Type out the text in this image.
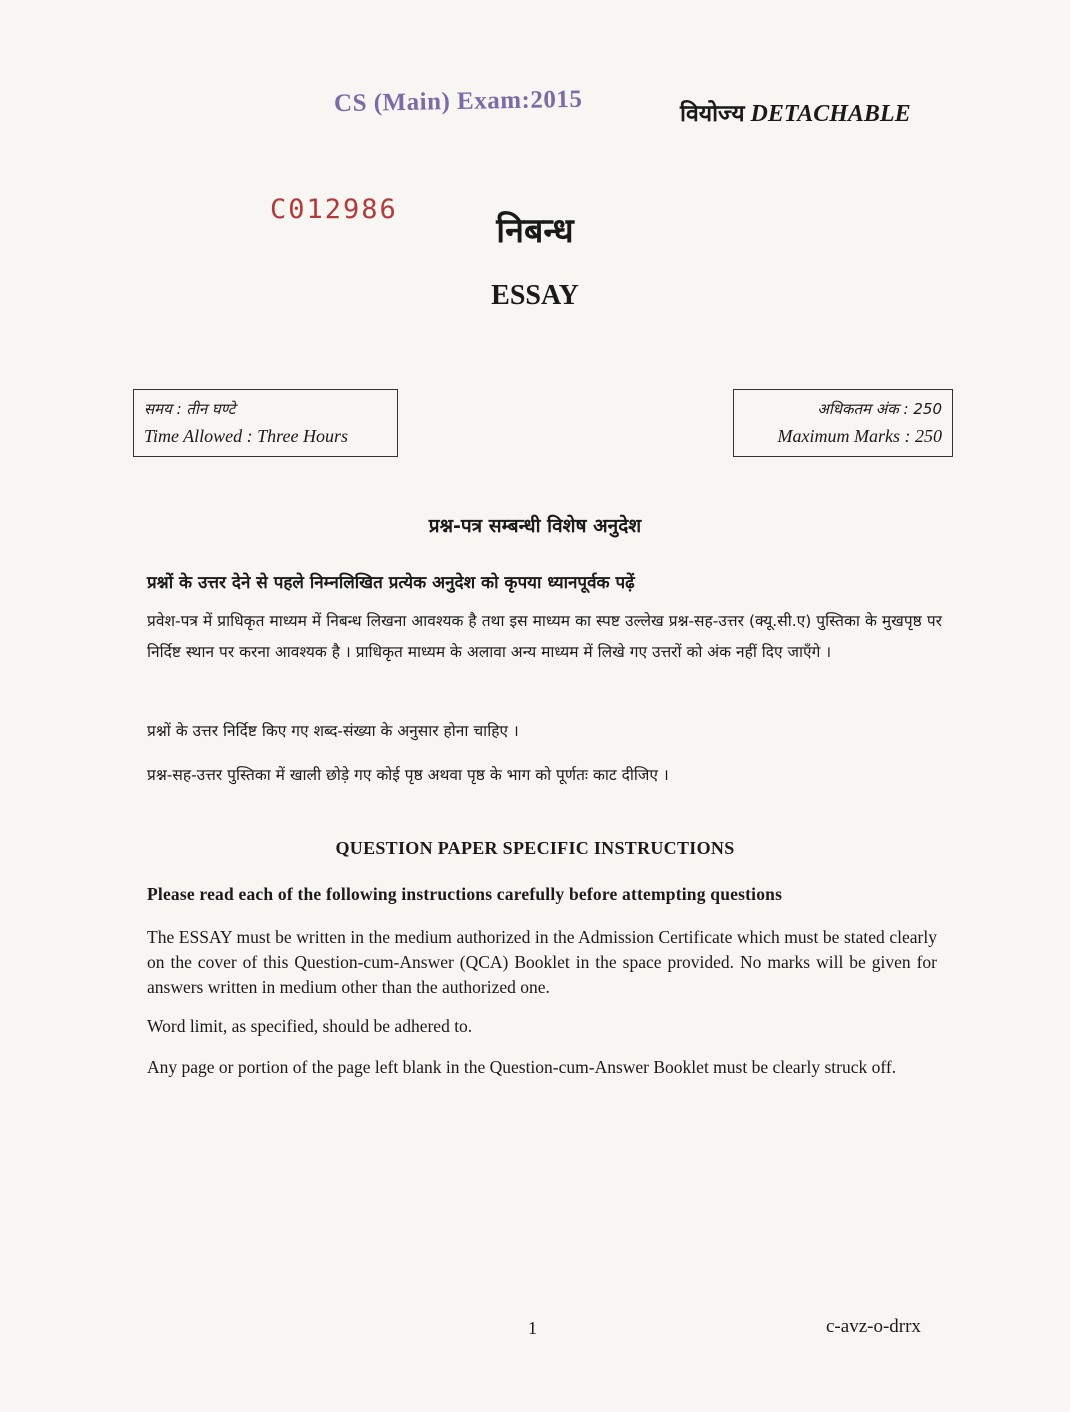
CS (Main) Exam:2015	वियोज्य DETACHABLE
C012986
निबन्ध
ESSAY
समय : तीन घण्टे
Time Allowed : Three Hours
अधिकतम अंक : 250
Maximum Marks : 250
प्रश्न-पत्र सम्बन्धी विशेष अनुदेश
प्रश्नों के उत्तर देने से पहले निम्नलिखित प्रत्येक अनुदेश को कृपया ध्यानपूर्वक पढ़ें
प्रवेश-पत्र में प्राधिकृत माध्यम में निबन्ध लिखना आवश्यक है तथा इस माध्यम का स्पष्ट उल्लेख प्रश्न-सह-उत्तर (क्यू.सी.ए) पुस्तिका के मुखपृष्ठ पर निर्दिष्ट स्थान पर करना आवश्यक है । प्राधिकृत माध्यम के अलावा अन्य माध्यम में लिखे गए उत्तरों को अंक नहीं दिए जाएँगे ।
प्रश्नों के उत्तर निर्दिष्ट किए गए शब्द-संख्या के अनुसार होना चाहिए ।
प्रश्न-सह-उत्तर पुस्तिका में खाली छोड़े गए कोई पृष्ठ अथवा पृष्ठ के भाग को पूर्णतः काट दीजिए ।
QUESTION PAPER SPECIFIC INSTRUCTIONS
Please read each of the following instructions carefully before attempting questions
The ESSAY must be written in the medium authorized in the Admission Certificate which must be stated clearly on the cover of this Question-cum-Answer (QCA) Booklet in the space provided. No marks will be given for answers written in medium other than the authorized one.
Word limit, as specified, should be adhered to.
Any page or portion of the page left blank in the Question-cum-Answer Booklet must be clearly struck off.
1	c-avz-o-drrx
